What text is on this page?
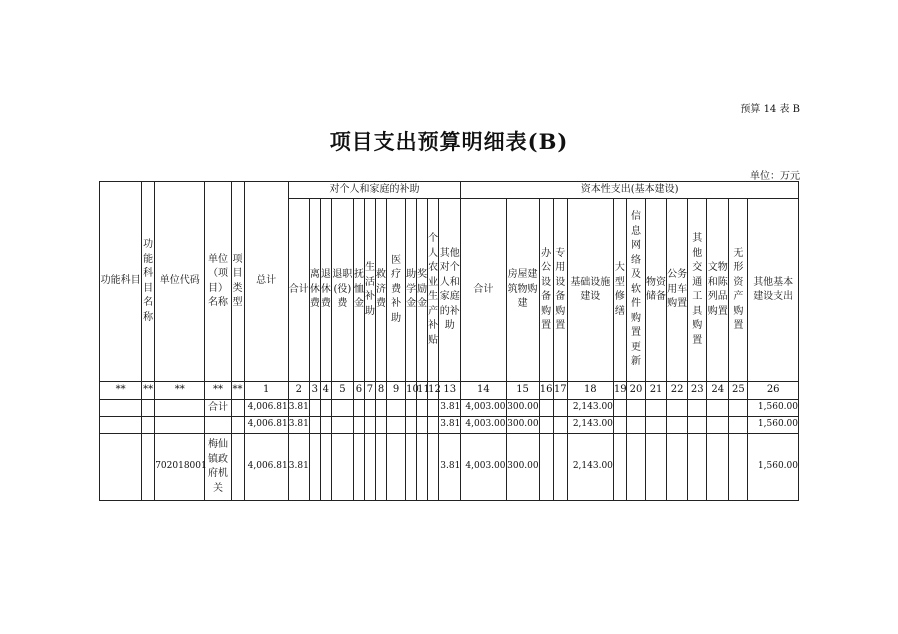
预算 14 表 B
项目支出预算明细表(B)
单位：万元
功能科目	功能科目名称	单位代码	单位（项目）名称	项目类型	总计	对个人和家庭的补助												资本性支出(基本建设)												
						合计	离休费	退休费	退职(役)费	抚恤金	生活补助	救济费	医疗费补助	助学金	奖励金	个人农业生产补贴	其他对个人和家庭的补助	合计	房屋建筑物购建	办公设备购置	专用设备购置	基础设施建设	大型修缮	信息网络及软件购置更新	物资储备	公务用车购置	其他交通工具购置	文物和陈列品购置	无形资产购置	其他基本建设支出
**	**	**	**	**	1	2	3	4	5	6	7	8	9	10	11	12	13	14	15	16	17	18	19	20	21	22	23	24	25	26
			合计		4,006.81	3.81											3.81	4,003.00	300.00			2,143.00								1,560.00
					4,006.81	3.81											3.81	4,003.00	300.00			2,143.00								1,560.00
		702018001	梅仙镇政府机关		4,006.81	3.81											3.81	4,003.00	300.00			2,143.00								1,560.00
